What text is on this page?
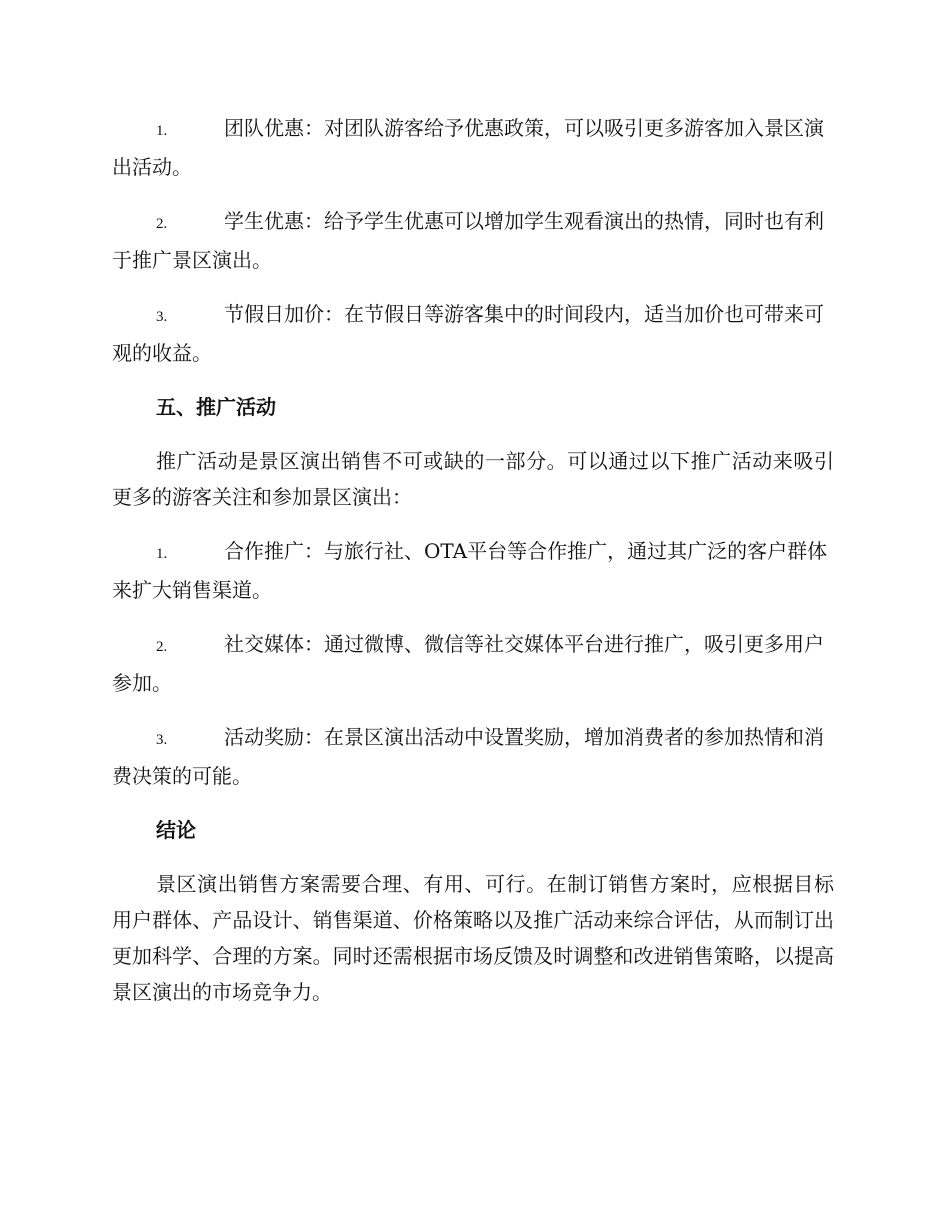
1.	团队优惠：对团队游客给予优惠政策，可以吸引更多游客加入景区演出活动。

2.	学生优惠：给予学生优惠可以增加学生观看演出的热情，同时也有利于推广景区演出。

3.	节假日加价：在节假日等游客集中的时间段内，适当加价也可带来可观的收益。

五、推广活动

推广活动是景区演出销售不可或缺的一部分。可以通过以下推广活动来吸引更多的游客关注和参加景区演出：

1.	合作推广：与旅行社、OTA平台等合作推广，通过其广泛的客户群体来扩大销售渠道。

2.	社交媒体：通过微博、微信等社交媒体平台进行推广，吸引更多用户参加。

3.	活动奖励：在景区演出活动中设置奖励，增加消费者的参加热情和消费决策的可能。

结论

景区演出销售方案需要合理、有用、可行。在制订销售方案时，应根据目标用户群体、产品设计、销售渠道、价格策略以及推广活动来综合评估，从而制订出更加科学、合理的方案。同时还需根据市场反馈及时调整和改进销售策略，以提高景区演出的市场竞争力。
